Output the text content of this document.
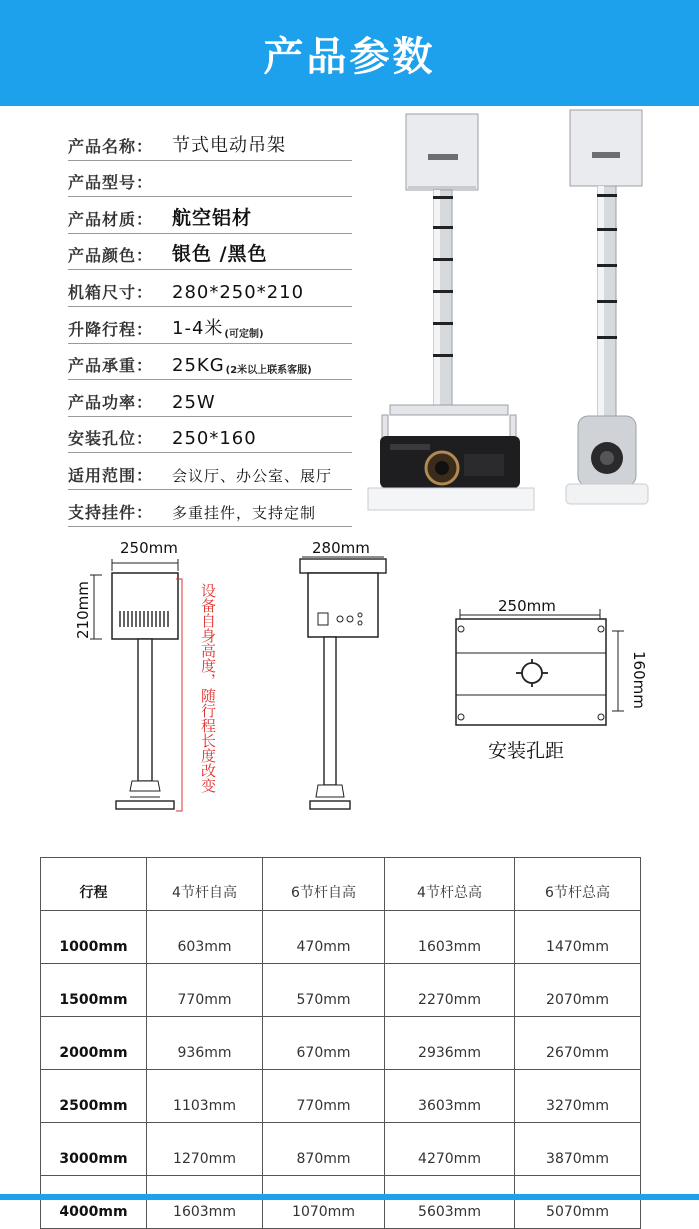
产品参数
产品名称：	节式电动吊架
产品型号：
产品材质： 航空铝材
产品颜色： 银色 /黑色
机箱尺寸：	280*250*210
升降行程：	1-4米 (可定制)
产品承重：	25KG (2米以上联系客服)
产品功率：	25W
安装孔位：	250*160
适用范围：	会议厅、办公室、展厅
支持挂件：	多重挂件，支持定制
250mm
210mm	设备自身高度，随行程长度改变
280mm
250mm
160mm
安装孔距
行程	4节杆自高	6节杆自高	4节杆总高	6节杆总高
1000mm	603mm	470mm	1603mm	1470mm
1500mm	770mm	570mm	2270mm	2070mm
2000mm	936mm	670mm	2936mm	2670mm
2500mm	1103mm	770mm	3603mm	3270mm
3000mm	1270mm	870mm	4270mm	3870mm
4000mm	1603mm	1070mm	5603mm	5070mm
